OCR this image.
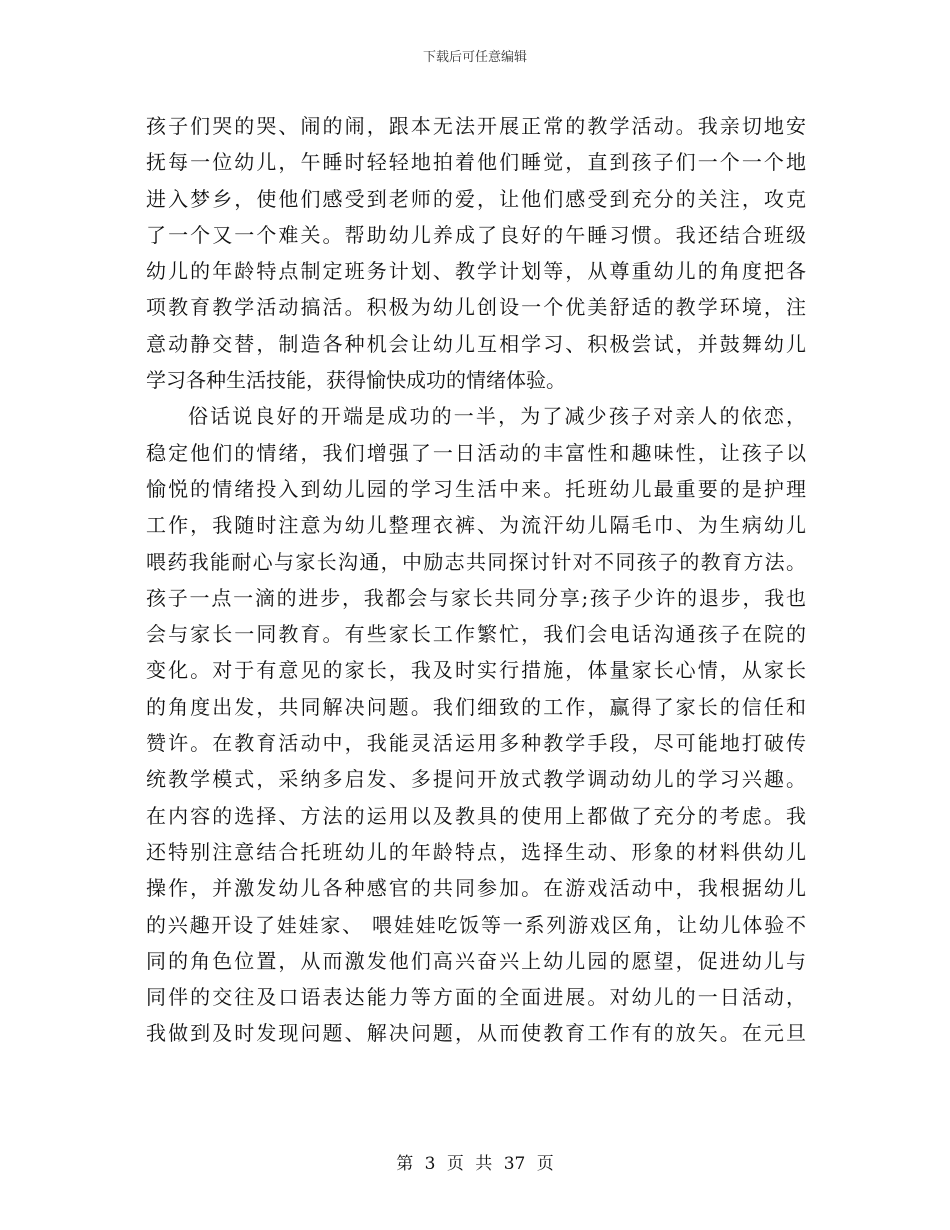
下载后可任意编辑
孩子们哭的哭、闹的闹，跟本无法开展正常的教学活动。我亲切地安
抚每一位幼儿，午睡时轻轻地拍着他们睡觉，直到孩子们一个一个地
进入梦乡，使他们感受到老师的爱，让他们感受到充分的关注，攻克
了一个又一个难关。帮助幼儿养成了良好的午睡习惯。我还结合班级
幼儿的年龄特点制定班务计划、教学计划等，从尊重幼儿的角度把各
项教育教学活动搞活。积极为幼儿创设一个优美舒适的教学环境，注
意动静交替，制造各种机会让幼儿互相学习、积极尝试，并鼓舞幼儿
学习各种生活技能，获得愉快成功的情绪体验。
俗话说良好的开端是成功的一半，为了减少孩子对亲人的依恋，
稳定他们的情绪，我们增强了一日活动的丰富性和趣味性，让孩子以
愉悦的情绪投入到幼儿园的学习生活中来。托班幼儿最重要的是护理
工作，我随时注意为幼儿整理衣裤、为流汗幼儿隔毛巾、为生病幼儿
喂药我能耐心与家长沟通，中励志共同探讨针对不同孩子的教育方法。
孩子一点一滴的进步，我都会与家长共同分享;孩子少许的退步，我也
会与家长一同教育。有些家长工作繁忙，我们会电话沟通孩子在院的
变化。对于有意见的家长，我及时实行措施，体量家长心情，从家长
的角度出发，共同解决问题。我们细致的工作，赢得了家长的信任和
赞许。在教育活动中，我能灵活运用多种教学手段，尽可能地打破传
统教学模式，采纳多启发、多提问开放式教学调动幼儿的学习兴趣。
在内容的选择、方法的运用以及教具的使用上都做了充分的考虑。我
还特别注意结合托班幼儿的年龄特点，选择生动、形象的材料供幼儿
操作，并激发幼儿各种感官的共同参加。在游戏活动中，我根据幼儿
的兴趣开设了娃娃家、 喂娃娃吃饭等一系列游戏区角，让幼儿体验不
同的角色位置，从而激发他们高兴奋兴上幼儿园的愿望，促进幼儿与
同伴的交往及口语表达能力等方面的全面进展。对幼儿的一日活动，
我做到及时发现问题、解决问题，从而使教育工作有的放矢。在元旦
第 3 页 共 37 页
